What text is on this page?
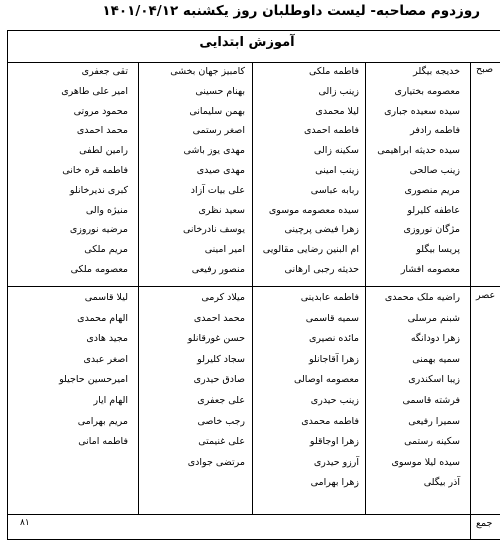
روزدوم مصاحبه- لیست داوطلبان روز یکشنبه ۱۴۰۱/۰۴/۱۲
آموزش ابتدایی
صبح
عصر
جمع
۸۱
خدیجه بیگلر
معصومه بختیاری
سیده سعیده جباری
فاطمه رادفر
سیده حدیثه ابراهیمی
زینب صالحی
مریم منصوری
عاطفه کلیرلو
مژگان نوروزی
پریسا بیگلو
معصومه افشار
فاطمه ملکی
زینب زالی
لیلا محمدی
فاطمه احمدی
سکینه زالی
زینب امینی
ربابه عباسی
سیده معصومه موسوی
زهرا فیضی پرچینی
ام البنین رضایی مقالویی
حدیثه رجبی ارهانی
کامبیز جهان بخشی
بهنام حسینی
بهمن سلیمانی
اصغر رستمی
مهدی یوز باشی
مهدی صیدی
علی بیات آزاد
سعید نظری
یوسف نادرخانی
امیر امینی
منصور رفیعی
تقی جعفری
امیر علی طاهری
محمود مروتی
محمد احمدی
رامین لطفی
فاطمه قره خانی
کبری ندیرخانلو
منیژه والی
مرضیه نوروزی
مریم ملکی
معصومه ملکی
راضیه ملک محمدی
شبنم مرسلی
زهرا دودانگه
سمیه بهمنی
زیبا اسکندری
فرشته قاسمی
سمیرا رفیعی
سکینه رستمی
سیده لیلا موسوی
آذر بیگلی
فاطمه عابدینی
سمیه قاسمی
مائده نصیری
زهرا آقاجانلو
معصومه اوصالی
زینب حیدری
فاطمه محمدی
زهرا اوجاقلو
آرزو حیدری
زهرا بهرامی
میلاد کرمی
محمد احمدی
حسن غورقانلو
سجاد کلیرلو
صادق حیدری
علی جعفری
رجب خاصی
علی غنیمتی
مرتضی جوادی
لیلا قاسمی
الهام محمدی
مجید هادی
اصغر عبدی
امیرحسین حاجیلو
الهام ایار
مریم بهرامی
فاطمه امانی
